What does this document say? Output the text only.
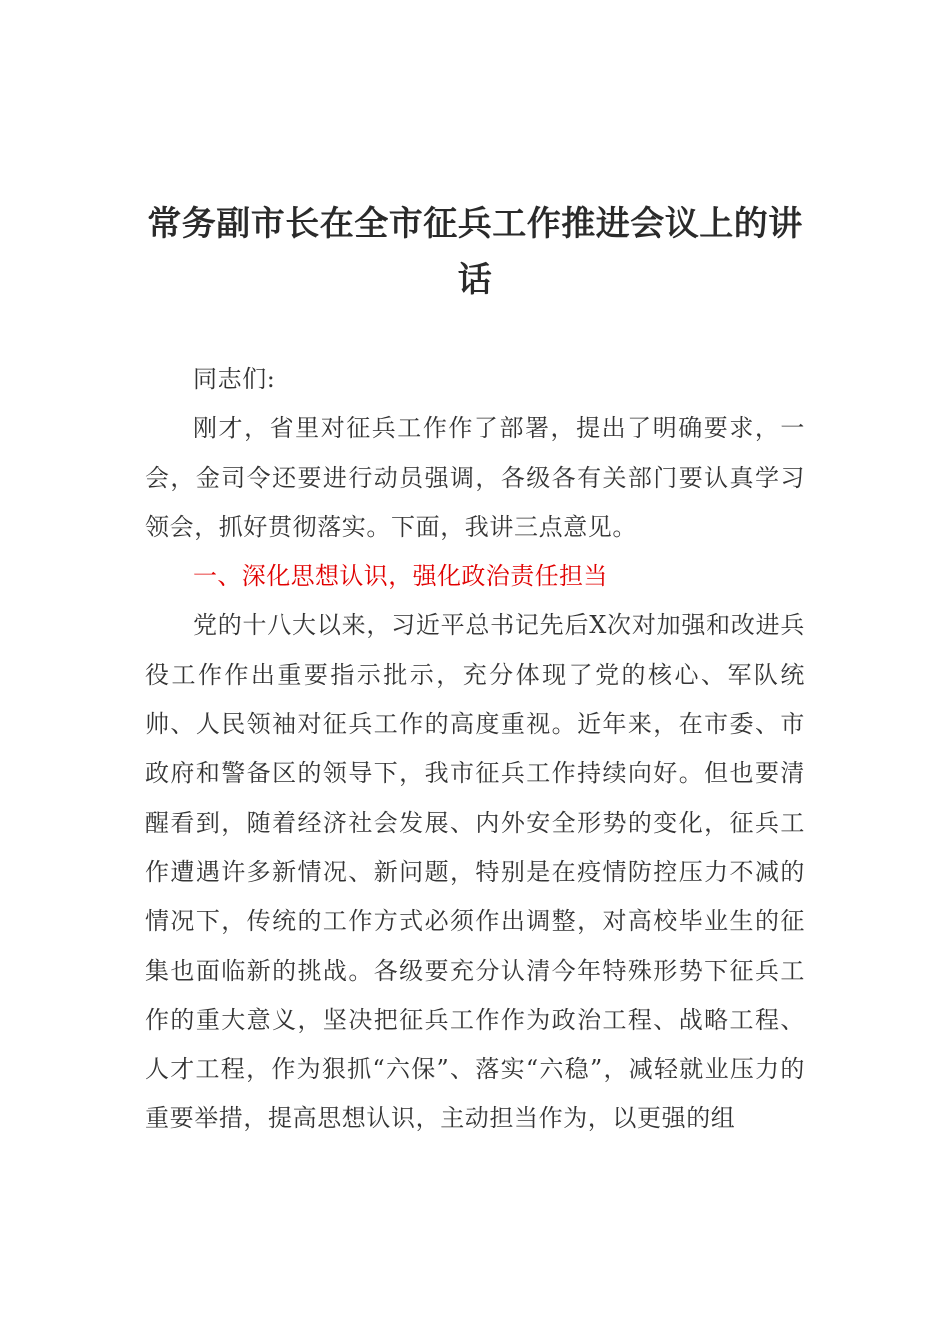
常务副市长在全市征兵工作推进会议上的讲话

同志们:

刚才，省里对征兵工作作了部署，提出了明确要求，一会，金司令还要进行动员强调，各级各有关部门要认真学习领会，抓好贯彻落实。下面，我讲三点意见。

一、深化思想认识，强化政治责任担当

党的十八大以来，习近平总书记先后X次对加强和改进兵役工作作出重要指示批示，充分体现了党的核心、军队统帅、人民领袖对征兵工作的高度重视。近年来，在市委、市政府和警备区的领导下，我市征兵工作持续向好。但也要清醒看到，随着经济社会发展、内外安全形势的变化，征兵工作遭遇许多新情况、新问题，特别是在疫情防控压力不减的情况下，传统的工作方式必须作出调整，对高校毕业生的征集也面临新的挑战。各级要充分认清今年特殊形势下征兵工作的重大意义，坚决把征兵工作作为政治工程、战略工程、人才工程，作为狠抓“六保”、落实“六稳”，减轻就业压力的重要举措，提高思想认识，主动担当作为，以更强的组
